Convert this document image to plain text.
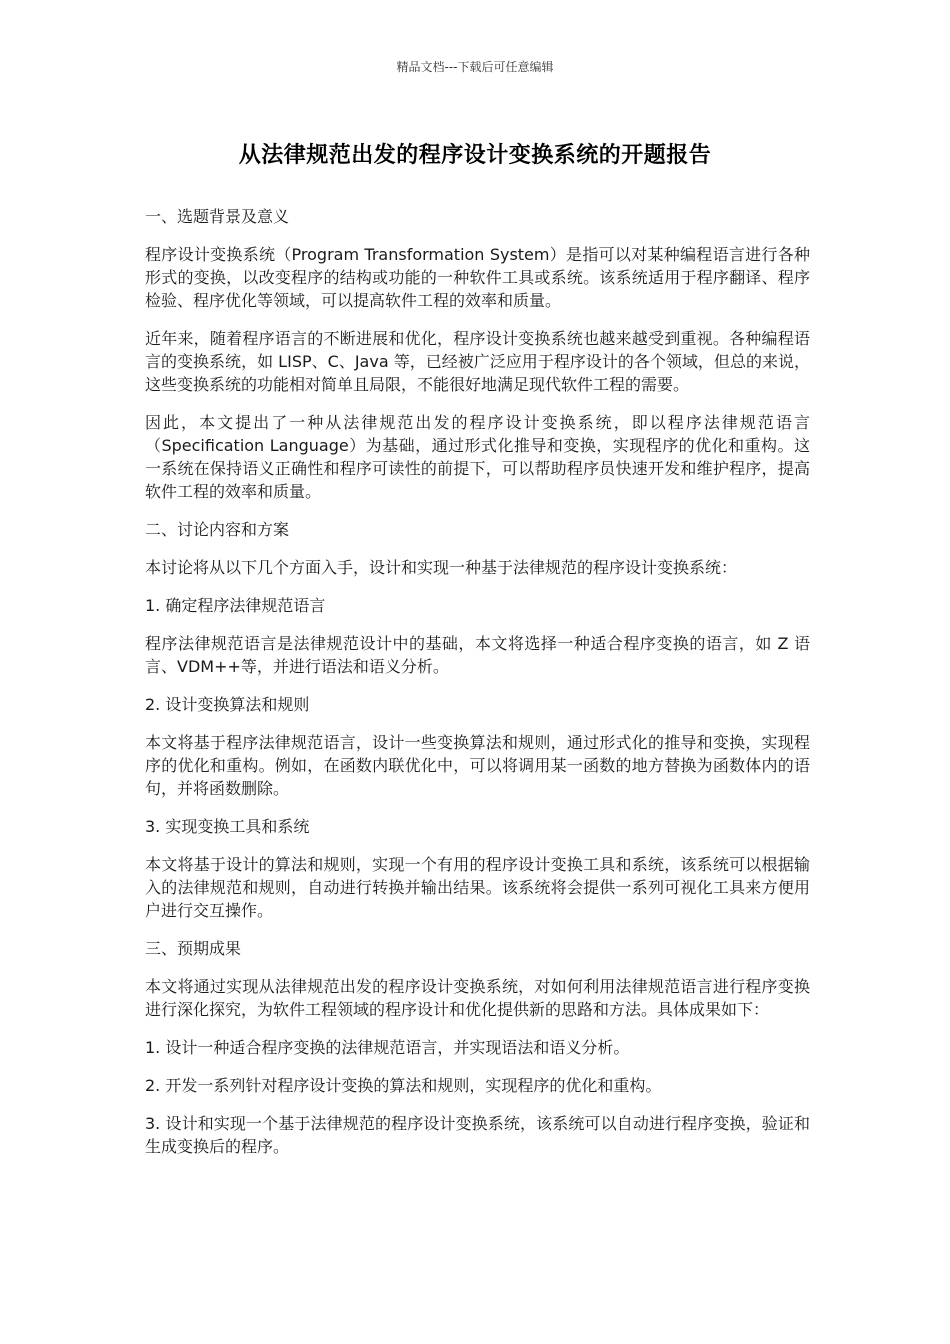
精品文档---下载后可任意编辑
从法律规范出发的程序设计变换系统的开题报告

一、选题背景及意义

程序设计变换系统（Program Transformation System）是指可以对某种编程语言进行各种形式的变换，以改变程序的结构或功能的一种软件工具或系统。该系统适用于程序翻译、程序检验、程序优化等领域，可以提高软件工程的效率和质量。

近年来，随着程序语言的不断进展和优化，程序设计变换系统也越来越受到重视。各种编程语言的变换系统，如 LISP、C、Java 等，已经被广泛应用于程序设计的各个领域，但总的来说，这些变换系统的功能相对简单且局限，不能很好地满足现代软件工程的需要。

因此，本文提出了一种从法律规范出发的程序设计变换系统，即以程序法律规范语言（Specification Language）为基础，通过形式化推导和变换，实现程序的优化和重构。这一系统在保持语义正确性和程序可读性的前提下，可以帮助程序员快速开发和维护程序，提高软件工程的效率和质量。

二、讨论内容和方案

本讨论将从以下几个方面入手，设计和实现一种基于法律规范的程序设计变换系统：

1. 确定程序法律规范语言

程序法律规范语言是法律规范设计中的基础，本文将选择一种适合程序变换的语言，如 Z 语言、VDM++等，并进行语法和语义分析。

2. 设计变换算法和规则

本文将基于程序法律规范语言，设计一些变换算法和规则，通过形式化的推导和变换，实现程序的优化和重构。例如，在函数内联优化中，可以将调用某一函数的地方替换为函数体内的语句，并将函数删除。

3. 实现变换工具和系统

本文将基于设计的算法和规则，实现一个有用的程序设计变换工具和系统，该系统可以根据输入的法律规范和规则，自动进行转换并输出结果。该系统将会提供一系列可视化工具来方便用户进行交互操作。

三、预期成果

本文将通过实现从法律规范出发的程序设计变换系统，对如何利用法律规范语言进行程序变换进行深化探究，为软件工程领域的程序设计和优化提供新的思路和方法。具体成果如下：

1. 设计一种适合程序变换的法律规范语言，并实现语法和语义分析。

2. 开发一系列针对程序设计变换的算法和规则，实现程序的优化和重构。

3. 设计和实现一个基于法律规范的程序设计变换系统，该系统可以自动进行程序变换，验证和生成变换后的程序。
